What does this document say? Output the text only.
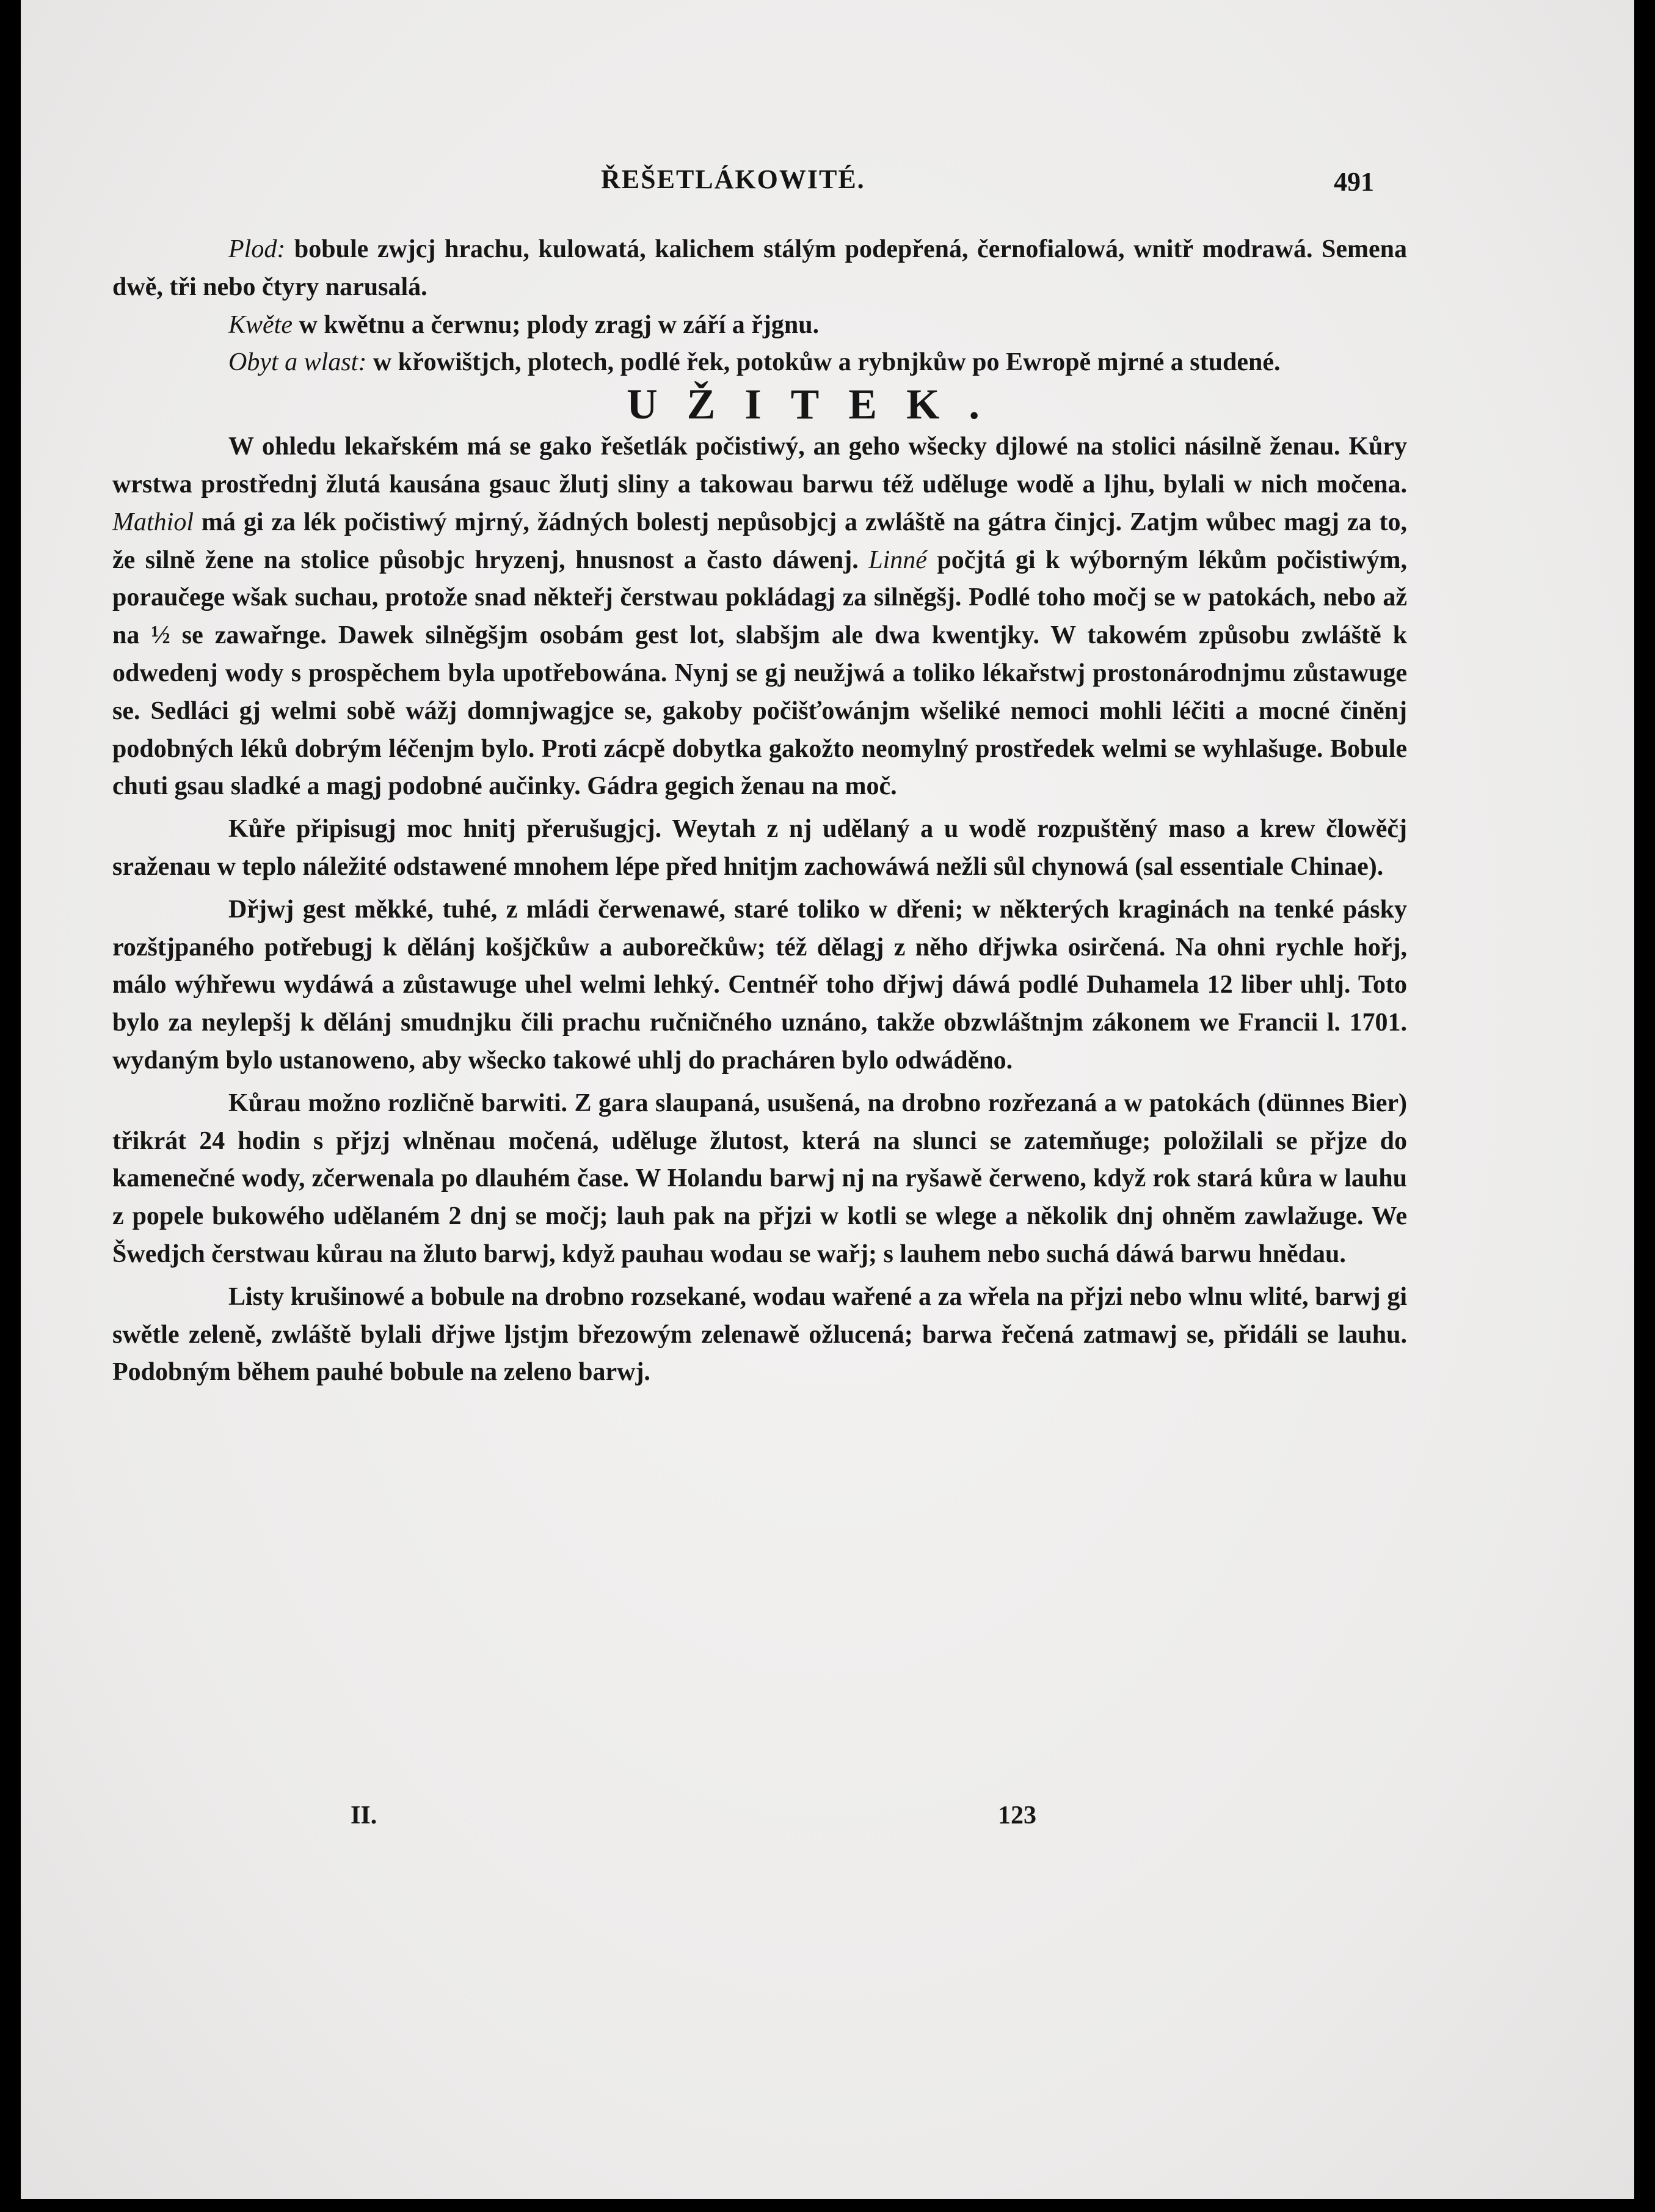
ŘEŠETLÁKOWITÉ.	491

Plod: bobule zwjcj hrachu, kulowatá, kalichem stálým podepřená, černofialowá, wnitř modrawá. Semena dwě, tři nebo čtyry narusalá.

Kwěte w kwětnu a čerwnu; plody zragj w září a řjgnu.

Obyt a wlast: w křowištjch, plotech, podlé řek, potokůw a rybnjkůw po Ewropě mjrné a studené.

UŽITEK.

W ohledu lekařském má se gako řešetlák počistiwý, an geho wšecky djlowé na stolici násilně ženau. Kůry wrstwa prostřednj žlutá kausána gsauc žlutj sliny a takowau barwu též uděluge wodě a ljhu, bylali w nich močena. Mathiol má gi za lék počistiwý mjrný, žádných bolestj nepůsobjcj a zwláště na gátra činjcj. Zatjm wůbec magj za to, že silně žene na stolice působjc hryzenj, hnusnost a často dáwenj. Linné počjtá gi k wýborným lékům počistiwým, poraučege wšak suchau, protože snad někteřj čerstwau pokládagj za silněgšj. Podlé toho močj se w patokách, nebo až na ½ se zawařnge. Dawek silněgšjm osobám gest lot, slabšjm ale dwa kwentjky. W takowém způsobu zwláště k odwedenj wody s prospěchem byla upotřebowána. Nynj se gj neužjwá a toliko lékařstwj prostonárodnjmu zůstawuge se. Sedláci gj welmi sobě wážj domnjwagjce se, gakoby počišťowánjm wšeliké nemoci mohli léčiti a mocné činěnj podobných léků dobrým léčenjm bylo. Proti zácpě dobytka gakožto neomylný prostředek welmi se wyhlašuge. Bobule chuti gsau sladké a magj podobné aučinky. Gádra gegich ženau na moč.

Kůře připisugj moc hnitj přerušugjcj. Weytah z nj udělaný a u wodě rozpuštěný maso a krew člowěčj sraženau w teplo náležité odstawené mnohem lépe před hnitjm zachowáwá nežli sůl chynowá (sal essentiale Chinae).

Dřjwj gest měkké, tuhé, z mládi čerwenawé, staré toliko w dřeni; w některých kraginách na tenké pásky rozštjpaného potřebugj k dělánj košjčkůw a auborečkůw; též dělagj z něho dřjwka osirčená. Na ohni rychle hořj, málo wýhřewu wydáwá a zůstawuge uhel welmi lehký. Centnéř toho dřjwj dáwá podlé Duhamela 12 liber uhlj. Toto bylo za neylepšj k dělánj smudnjku čili prachu ručničného uznáno, takže obzwláštnjm zákonem we Francii l. 1701. wydaným bylo ustanoweno, aby wšecko takowé uhlj do pracháren bylo odwáděno.

Kůrau možno rozličně barwiti. Z gara slaupaná, usušená, na drobno rozřezaná a w patokách (dünnes Bier) třikrát 24 hodin s přjzj wlněnau močená, uděluge žlutost, která na slunci se zatemňuge; položilali se přjze do kamenečné wody, zčerwenala po dlauhém čase. W Holandu barwj nj na ryšawě čerweno, když rok stará kůra w lauhu z popele bukowého udělaném 2 dnj se močj; lauh pak na přjzi w kotli se wlege a několik dnj ohněm zawlažuge. We Šwedjch čerstwau kůrau na žluto barwj, když pauhau wodau se wařj; s lauhem nebo suchá dáwá barwu hnědau.

Listy krušinowé a bobule na drobno rozsekané, wodau wařené a za wřela na přjzi nebo wlnu wlité, barwj gi swětle zeleně, zwláště bylali dřjwe ljstjm březowým zelenawě ožlucená; barwa řečená zatmawj se, přidáli se lauhu. Podobným během pauhé bobule na zeleno barwj.

II.	123
